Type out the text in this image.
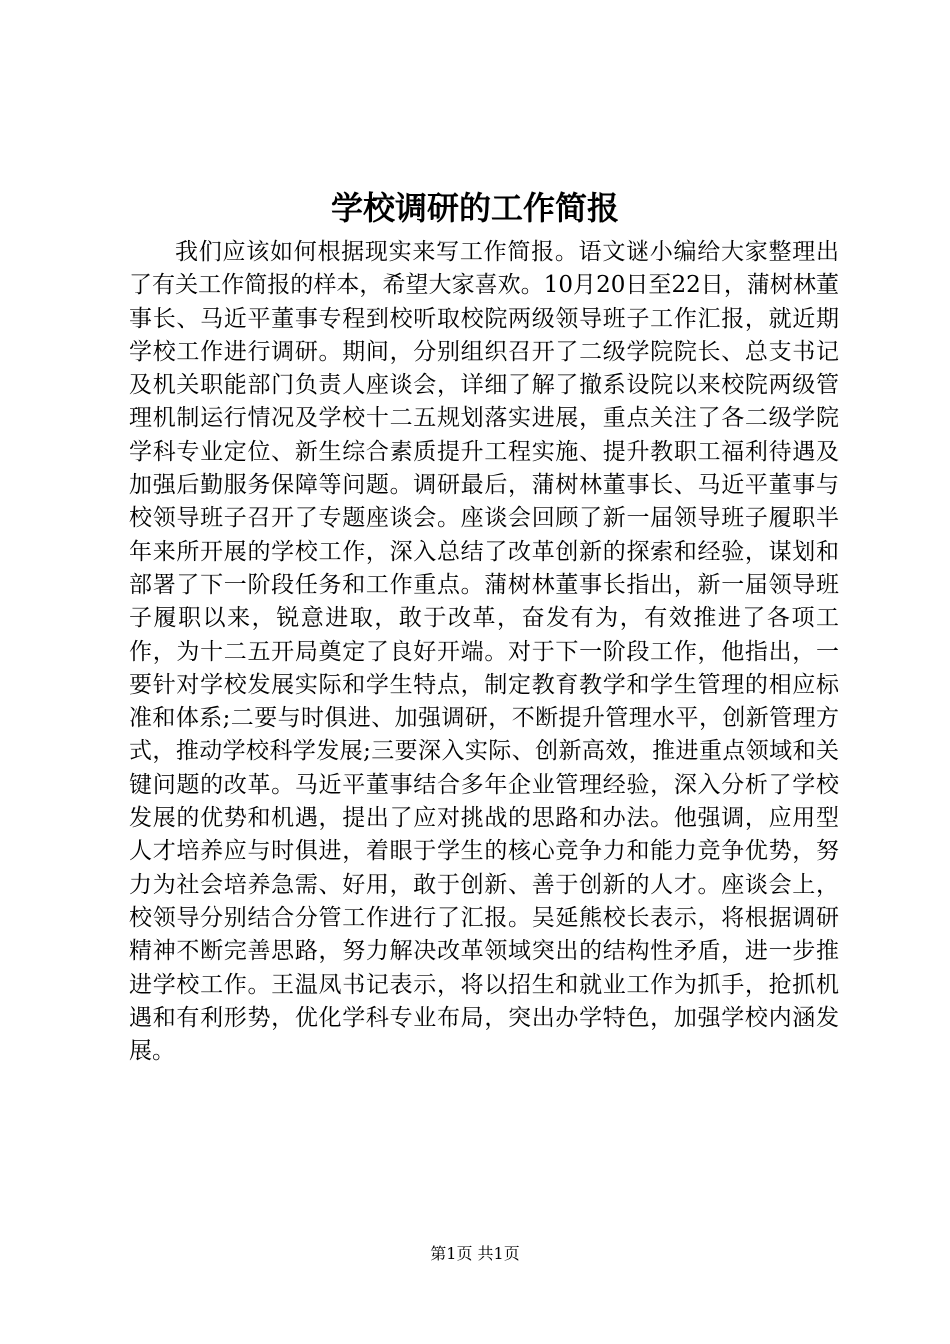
学校调研的工作简报

我们应该如何根据现实来写工作简报。语文谜小编给大家整理出了有关工作简报的样本，希望大家喜欢。10月20日至22日，蒲树林董事长、马近平董事专程到校听取校院两级领导班子工作汇报，就近期学校工作进行调研。期间，分别组织召开了二级学院院长、总支书记及机关职能部门负责人座谈会，详细了解了撤系设院以来校院两级管理机制运行情况及学校十二五规划落实进展，重点关注了各二级学院学科专业定位、新生综合素质提升工程实施、提升教职工福利待遇及加强后勤服务保障等问题。调研最后，蒲树林董事长、马近平董事与校领导班子召开了专题座谈会。座谈会回顾了新一届领导班子履职半年来所开展的学校工作，深入总结了改革创新的探索和经验，谋划和部署了下一阶段任务和工作重点。蒲树林董事长指出，新一届领导班子履职以来，锐意进取，敢于改革，奋发有为，有效推进了各项工作，为十二五开局奠定了良好开端。对于下一阶段工作，他指出，一要针对学校发展实际和学生特点，制定教育教学和学生管理的相应标准和体系;二要与时俱进、加强调研，不断提升管理水平，创新管理方式，推动学校科学发展;三要深入实际、创新高效，推进重点领域和关键问题的改革。马近平董事结合多年企业管理经验，深入分析了学校发展的优势和机遇，提出了应对挑战的思路和办法。他强调，应用型人才培养应与时俱进，着眼于学生的核心竞争力和能力竞争优势，努力为社会培养急需、好用，敢于创新、善于创新的人才。座谈会上，校领导分别结合分管工作进行了汇报。吴延熊校长表示，将根据调研精神不断完善思路，努力解决改革领域突出的结构性矛盾，进一步推进学校工作。王温凤书记表示，将以招生和就业工作为抓手，抢抓机遇和有利形势，优化学科专业布局，突出办学特色，加强学校内涵发展。

第1页 共1页
